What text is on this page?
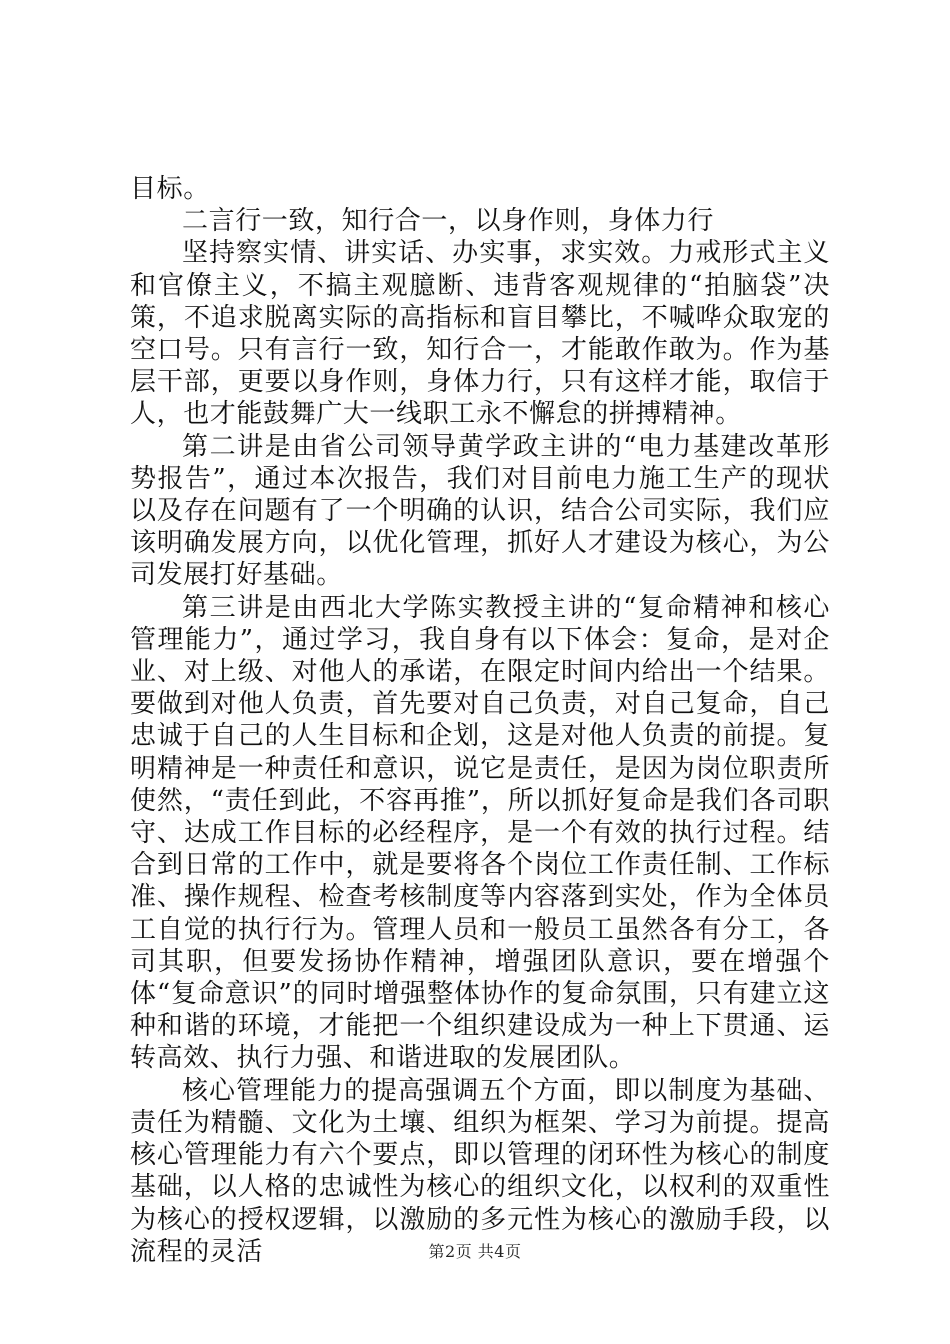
目标。

二言行一致，知行合一，以身作则，身体力行

坚持察实情、讲实话、办实事，求实效。力戒形式主义和官僚主义，不搞主观臆断、违背客观规律的“拍脑袋”决策，不追求脱离实际的高指标和盲目攀比，不喊哗众取宠的空口号。只有言行一致，知行合一，才能敢作敢为。作为基层干部，更要以身作则，身体力行，只有这样才能，取信于人，也才能鼓舞广大一线职工永不懈怠的拼搏精神。

第二讲是由省公司领导黄学政主讲的“电力基建改革形势报告”，通过本次报告，我们对目前电力施工生产的现状以及存在问题有了一个明确的认识，结合公司实际，我们应该明确发展方向，以优化管理，抓好人才建设为核心，为公司发展打好基础。

第三讲是由西北大学陈实教授主讲的“复命精神和核心管理能力”，通过学习，我自身有以下体会：复命，是对企业、对上级、对他人的承诺，在限定时间内给出一个结果。要做到对他人负责，首先要对自己负责，对自己复命，自己忠诚于自己的人生目标和企划，这是对他人负责的前提。复明精神是一种责任和意识，说它是责任，是因为岗位职责所使然，“责任到此，不容再推”，所以抓好复命是我们各司职守、达成工作目标的必经程序，是一个有效的执行过程。结合到日常的工作中，就是要将各个岗位工作责任制、工作标准、操作规程、检查考核制度等内容落到实处，作为全体员工自觉的执行行为。管理人员和一般员工虽然各有分工，各司其职，但要发扬协作精神，增强团队意识，要在增强个体“复命意识”的同时增强整体协作的复命氛围，只有建立这种和谐的环境，才能把一个组织建设成为一种上下贯通、运转高效、执行力强、和谐进取的发展团队。

核心管理能力的提高强调五个方面，即以制度为基础、责任为精髓、文化为土壤、组织为框架、学习为前提。提高核心管理能力有六个要点，即以管理的闭环性为核心的制度基础，以人格的忠诚性为核心的组织文化，以权利的双重性为核心的授权逻辑，以激励的多元性为核心的激励手段，以流程的灵活	第2页 共4页
